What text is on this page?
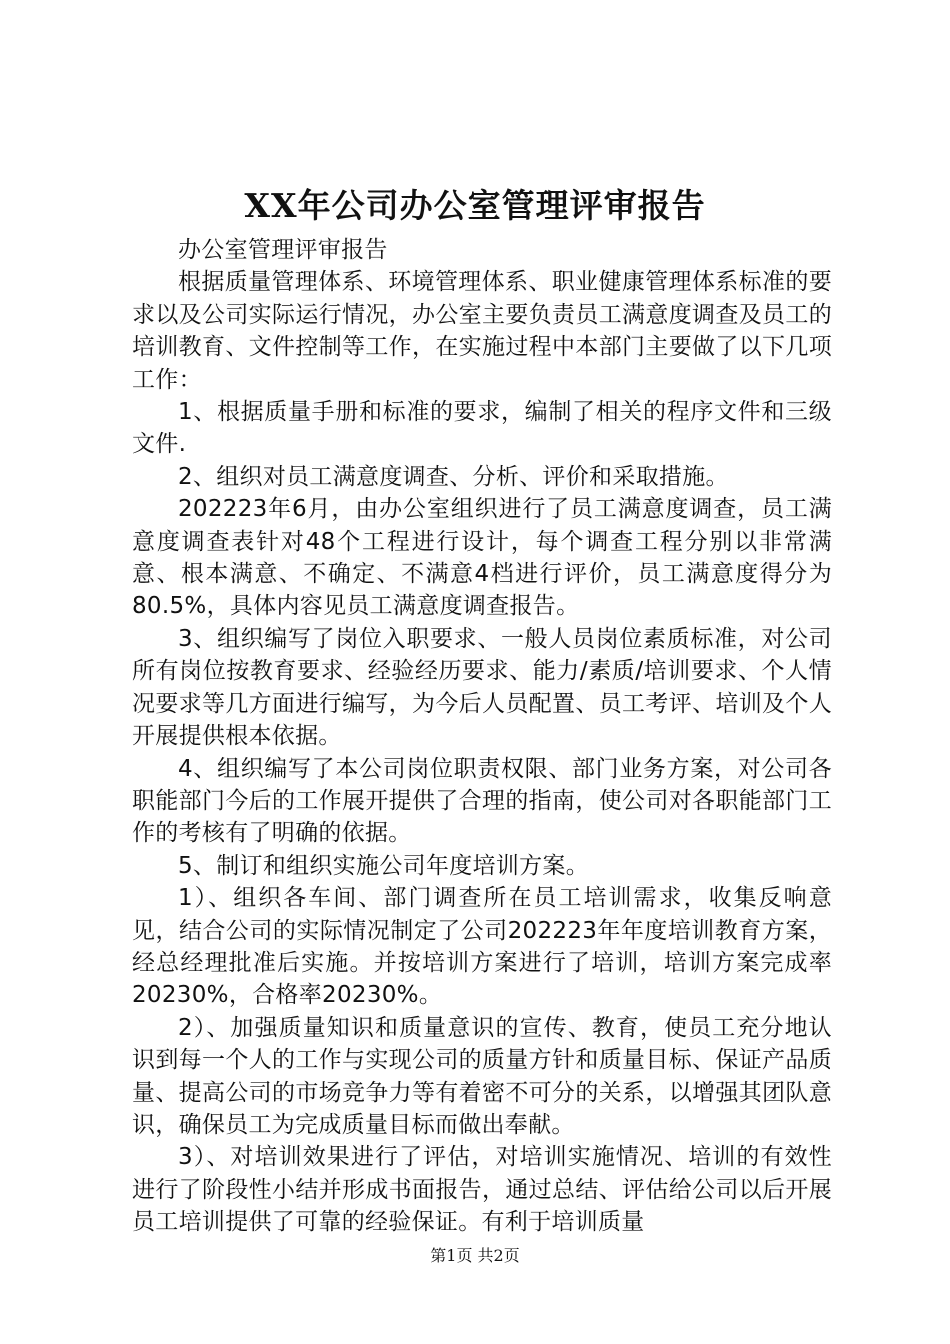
XX年公司办公室管理评审报告

办公室管理评审报告

根据质量管理体系、环境管理体系、职业健康管理体系标准的要求以及公司实际运行情况，办公室主要负责员工满意度调查及员工的培训教育、文件控制等工作，在实施过程中本部门主要做了以下几项工作：

1、根据质量手册和标准的要求，编制了相关的程序文件和三级文件.

2、组织对员工满意度调查、分析、评价和采取措施。

202223年6月，由办公室组织进行了员工满意度调查，员工满意度调查表针对48个工程进行设计，每个调查工程分别以非常满意、根本满意、不确定、不满意4档进行评价，员工满意度得分为80.5%，具体内容见员工满意度调查报告。

3、组织编写了岗位入职要求、一般人员岗位素质标准，对公司所有岗位按教育要求、经验经历要求、能力/素质/培训要求、个人情况要求等几方面进行编写，为今后人员配置、员工考评、培训及个人开展提供根本依据。

4、组织编写了本公司岗位职责权限、部门业务方案，对公司各职能部门今后的工作展开提供了合理的指南，使公司对各职能部门工作的考核有了明确的依据。

5、制订和组织实施公司年度培训方案。

1）、组织各车间、部门调查所在员工培训需求，收集反响意见，结合公司的实际情况制定了公司202223年年度培训教育方案，经总经理批准后实施。并按培训方案进行了培训，培训方案完成率20230%，合格率20230%。

2）、加强质量知识和质量意识的宣传、教育，使员工充分地认识到每一个人的工作与实现公司的质量方针和质量目标、保证产品质量、提高公司的市场竞争力等有着密不可分的关系，以增强其团队意识，确保员工为完成质量目标而做出奉献。

3）、对培训效果进行了评估，对培训实施情况、培训的有效性进行了阶段性小结并形成书面报告，通过总结、评估给公司以后开展员工培训提供了可靠的经验保证。有利于培训质量

第1页 共2页
